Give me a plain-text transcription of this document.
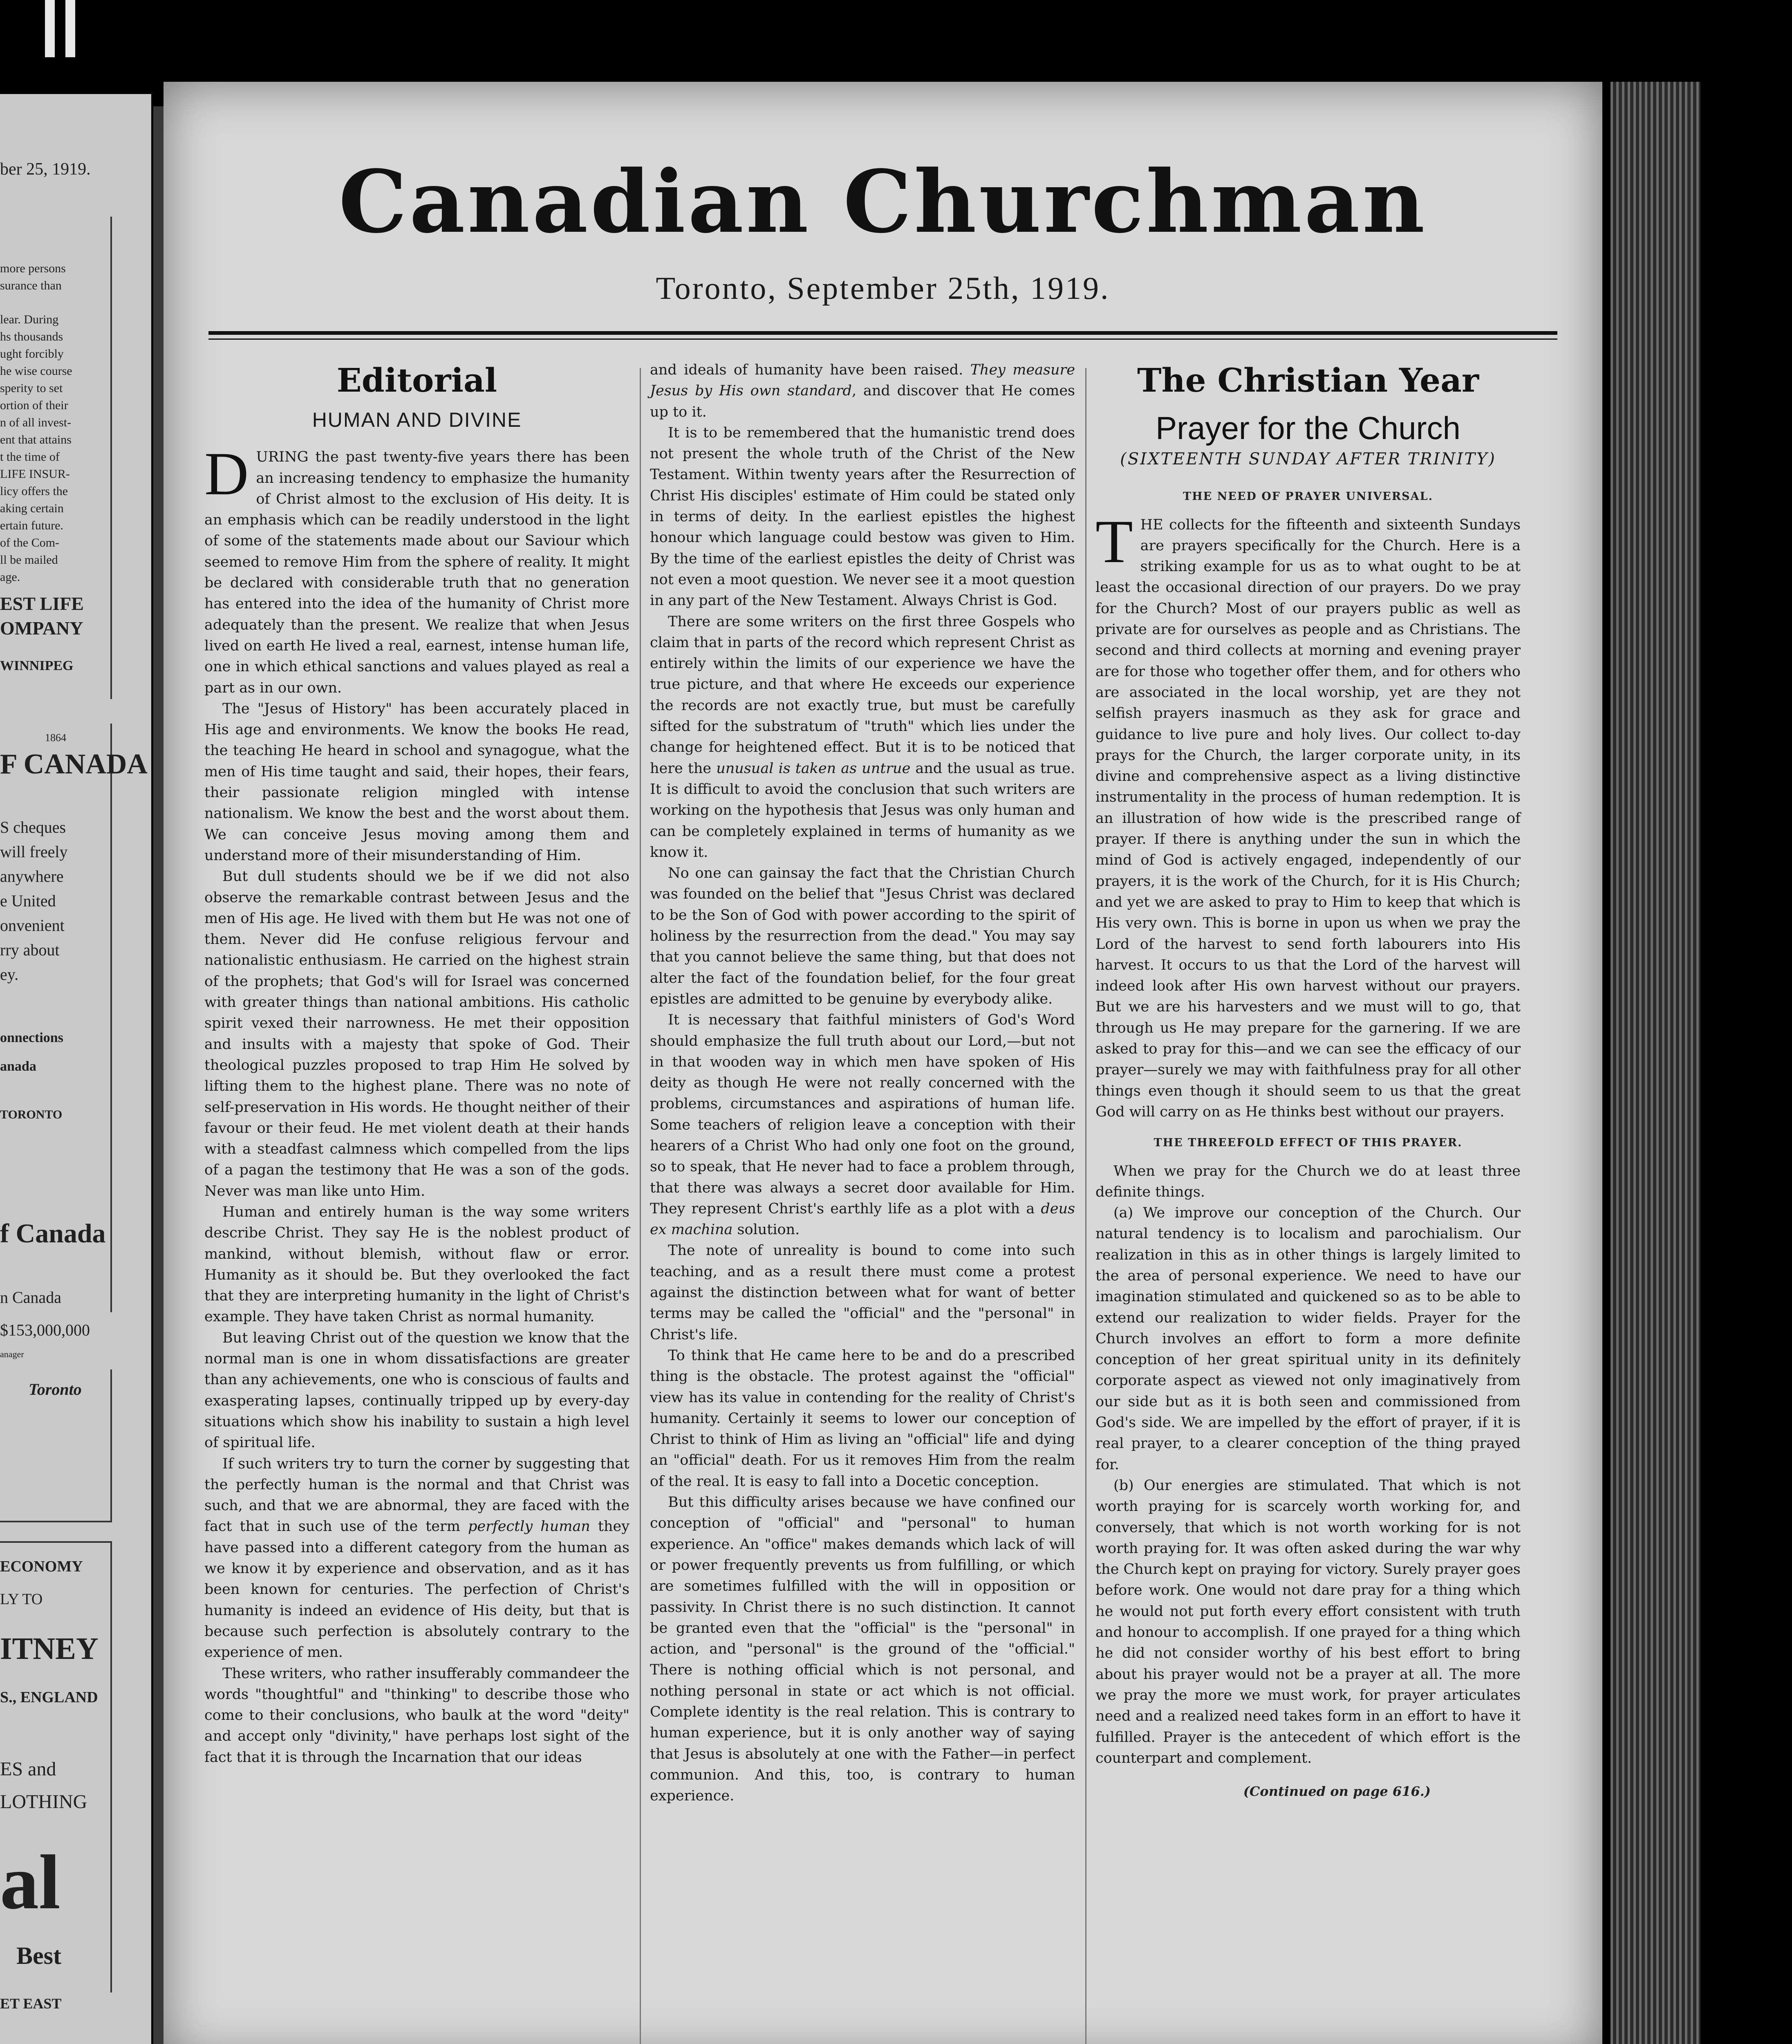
ber 25, 1919.
more persons
surance than
lear. During
hs thousands
ught forcibly
he wise course
sperity to set
ortion of their
n of all invest-
ent that attains
t the time of
LIFE INSUR-
licy offers the
aking certain
ertain future.
of the Com-
ll be mailed
age.
EST LIFE
OMPANY
WINNIPEG
1864
F CANADA
S cheques
will freely
anywhere
e United
onvenient
rry about
ey.
onnections
anada
TORONTO
f Canada
n Canada
$153,000,000
anager
Toronto
ECONOMY
LY TO
ITNEY
S., ENGLAND
ES and
LOTHING
al
Best
ET EAST
Canadian Churchman
Toronto, September 25th, 1919.
Editorial
HUMAN AND DIVINE

DURING the past twenty-five years there has been an increasing tendency to emphasize the humanity of Christ almost to the exclusion of His deity. It is an emphasis which can be readily understood in the light of some of the statements made about our Saviour which seemed to remove Him from the sphere of reality. It might be declared with considerable truth that no generation has entered into the idea of the humanity of Christ more adequately than the present. We realize that when Jesus lived on earth He lived a real, earnest, intense human life, one in which ethical sanctions and values played as real a part as in our own.

The "Jesus of History" has been accurately placed in His age and environments. We know the books He read, the teaching He heard in school and synagogue, what the men of His time taught and said, their hopes, their fears, their passionate religion mingled with intense nationalism. We know the best and the worst about them. We can conceive Jesus moving among them and understand more of their misunderstanding of Him.

But dull students should we be if we did not also observe the remarkable contrast between Jesus and the men of His age. He lived with them but He was not one of them. Never did He confuse religious fervour and nationalistic enthusiasm. He carried on the highest strain of the prophets; that God's will for Israel was concerned with greater things than national ambitions. His catholic spirit vexed their narrowness. He met their opposition and insults with a majesty that spoke of God. Their theological puzzles proposed to trap Him He solved by lifting them to the highest plane. There was no note of self-preservation in His words. He thought neither of their favour or their feud. He met violent death at their hands with a steadfast calmness which compelled from the lips of a pagan the testimony that He was a son of the gods. Never was man like unto Him.

Human and entirely human is the way some writers describe Christ. They say He is the noblest product of mankind, without blemish, without flaw or error. Humanity as it should be. But they overlooked the fact that they are interpreting humanity in the light of Christ's example. They have taken Christ as normal humanity.

But leaving Christ out of the question we know that the normal man is one in whom dissatisfactions are greater than any achievements, one who is conscious of faults and exasperating lapses, continually tripped up by every-day situations which show his inability to sustain a high level of spiritual life.

If such writers try to turn the corner by suggesting that the perfectly human is the normal and that Christ was such, and that we are abnormal, they are faced with the fact that in such use of the term perfectly human they have passed into a different category from the human as we know it by experience and observation, and as it has been known for centuries. The perfection of Christ's humanity is indeed an evidence of His deity, but that is because such perfection is absolutely contrary to the experience of men.

These writers, who rather insufferably commandeer the words "thoughtful" and "thinking" to describe those who come to their conclusions, who baulk at the word "deity" and accept only "divinity," have perhaps lost sight of the fact that it is through the Incarnation that our ideas

and ideals of humanity have been raised. They measure Jesus by His own standard, and discover that He comes up to it.

It is to be remembered that the humanistic trend does not present the whole truth of the Christ of the New Testament. Within twenty years after the Resurrection of Christ His disciples' estimate of Him could be stated only in terms of deity. In the earliest epistles the highest honour which language could bestow was given to Him. By the time of the earliest epistles the deity of Christ was not even a moot question. We never see it a moot question in any part of the New Testament. Always Christ is God.

There are some writers on the first three Gospels who claim that in parts of the record which represent Christ as entirely within the limits of our experience we have the true picture, and that where He exceeds our experience the records are not exactly true, but must be carefully sifted for the substratum of "truth" which lies under the change for heightened effect. But it is to be noticed that here the unusual is taken as untrue and the usual as true. It is difficult to avoid the conclusion that such writers are working on the hypothesis that Jesus was only human and can be completely explained in terms of humanity as we know it.

No one can gainsay the fact that the Christian Church was founded on the belief that "Jesus Christ was declared to be the Son of God with power according to the spirit of holiness by the resurrection from the dead." You may say that you cannot believe the same thing, but that does not alter the fact of the foundation belief, for the four great epistles are admitted to be genuine by everybody alike.

It is necessary that faithful ministers of God's Word should emphasize the full truth about our Lord,—but not in that wooden way in which men have spoken of His deity as though He were not really concerned with the problems, circumstances and aspirations of human life. Some teachers of religion leave a conception with their hearers of a Christ Who had only one foot on the ground, so to speak, that He never had to face a problem through, that there was always a secret door available for Him. They represent Christ's earthly life as a plot with a deus ex machina solution.

The note of unreality is bound to come into such teaching, and as a result there must come a protest against the distinction between what for want of better terms may be called the "official" and the "personal" in Christ's life.

To think that He came here to be and do a prescribed thing is the obstacle. The protest against the "official" view has its value in contending for the reality of Christ's humanity. Certainly it seems to lower our conception of Christ to think of Him as living an "official" life and dying an "official" death. For us it removes Him from the realm of the real. It is easy to fall into a Docetic conception.

But this difficulty arises because we have confined our conception of "official" and "personal" to human experience. An "office" makes demands which lack of will or power frequently prevents us from fulfilling, or which are sometimes fulfilled with the will in opposition or passivity. In Christ there is no such distinction. It cannot be granted even that the "official" is the "personal" in action, and "personal" is the ground of the "official." There is nothing official which is not personal, and nothing personal in state or act which is not official. Complete identity is the real relation. This is contrary to human experience, but it is only another way of saying that Jesus is absolutely at one with the Father—in perfect communion. And this, too, is contrary to human experience.

The Christian Year
Prayer for the Church
(SIXTEENTH SUNDAY AFTER TRINITY)
THE NEED OF PRAYER UNIVERSAL.

THE collects for the fifteenth and sixteenth Sundays are prayers specifically for the Church. Here is a striking example for us as to what ought to be at least the occasional direction of our prayers. Do we pray for the Church? Most of our prayers public as well as private are for ourselves as people and as Christians. The second and third collects at morning and evening prayer are for those who together offer them, and for others who are associated in the local worship, yet are they not selfish prayers inasmuch as they ask for grace and guidance to live pure and holy lives. Our collect to-day prays for the Church, the larger corporate unity, in its divine and comprehensive aspect as a living distinctive instrumentality in the process of human redemption. It is an illustration of how wide is the prescribed range of prayer. If there is anything under the sun in which the mind of God is actively engaged, independently of our prayers, it is the work of the Church, for it is His Church; and yet we are asked to pray to Him to keep that which is His very own. This is borne in upon us when we pray the Lord of the harvest to send forth labourers into His harvest. It occurs to us that the Lord of the harvest will indeed look after His own harvest without our prayers. But we are his harvesters and we must will to go, that through us He may prepare for the garnering. If we are asked to pray for this—and we can see the efficacy of our prayer—surely we may with faithfulness pray for all other things even though it should seem to us that the great God will carry on as He thinks best without our prayers.

THE THREEFOLD EFFECT OF THIS PRAYER.

When we pray for the Church we do at least three definite things.

(a) We improve our conception of the Church. Our natural tendency is to localism and parochialism. Our realization in this as in other things is largely limited to the area of personal experience. We need to have our imagination stimulated and quickened so as to be able to extend our realization to wider fields. Prayer for the Church involves an effort to form a more definite conception of her great spiritual unity in its definitely corporate aspect as viewed not only imaginatively from our side but as it is both seen and commissioned from God's side. We are impelled by the effort of prayer, if it is real prayer, to a clearer conception of the thing prayed for.

(b) Our energies are stimulated. That which is not worth praying for is scarcely worth working for, and conversely, that which is not worth working for is not worth praying for. It was often asked during the war why the Church kept on praying for victory. Surely prayer goes before work. One would not dare pray for a thing which he would not put forth every effort consistent with truth and honour to accomplish. If one prayed for a thing which he did not consider worthy of his best effort to bring about his prayer would not be a prayer at all. The more we pray the more we must work, for prayer articulates need and a realized need takes form in an effort to have it fulfilled. Prayer is the antecedent of which effort is the counterpart and complement.

(Continued on page 616.)
